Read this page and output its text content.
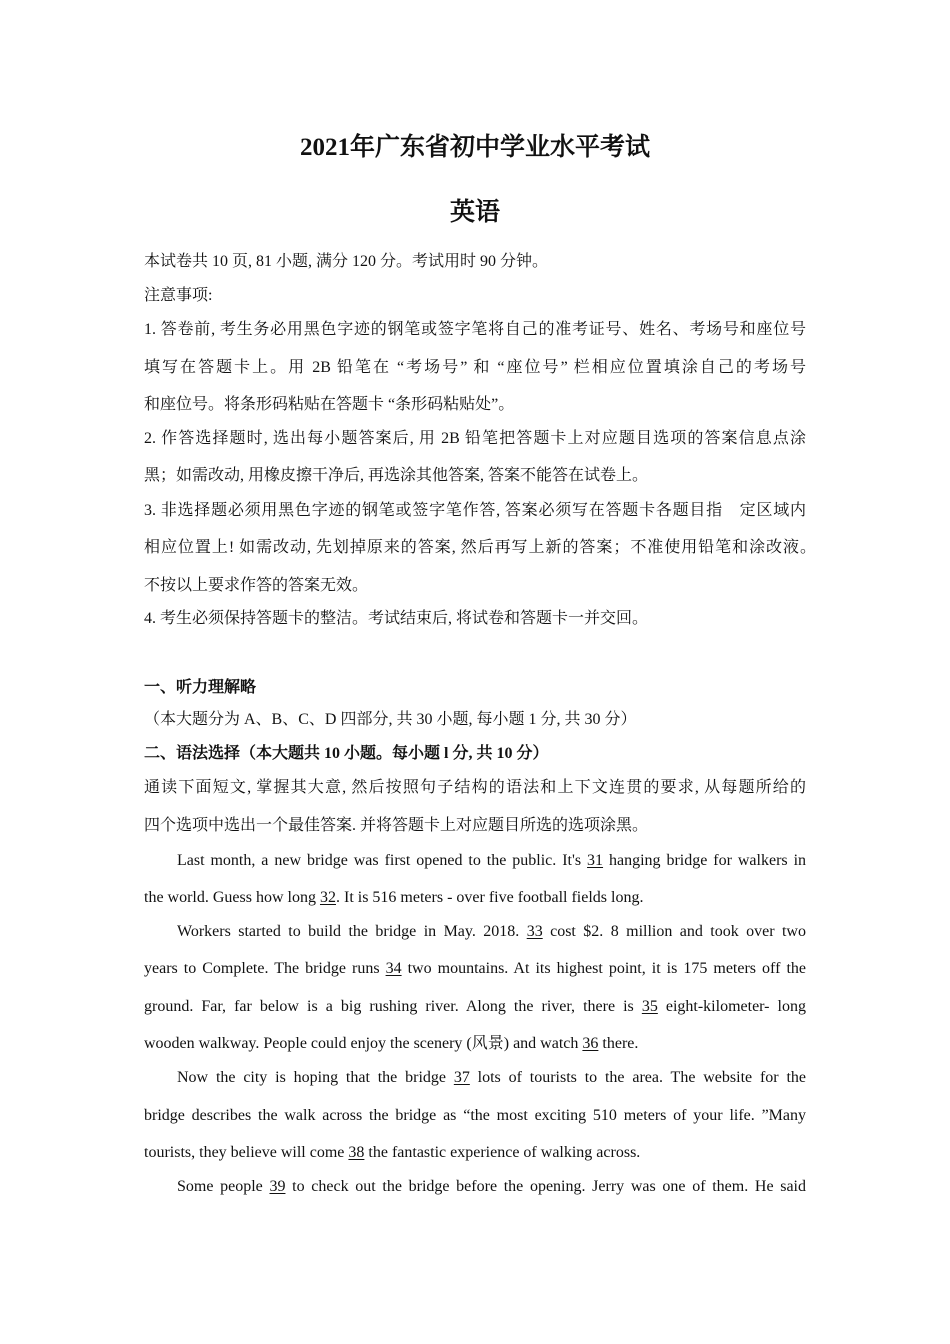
2021年广东省初中学业水平考试
英语

本试卷共 10 页, 81 小题, 满分 120 分。考试用时 90 分钟。

注意事项:

1. 答卷前, 考生务必用黑色字迹的钢笔或签字笔将自己的准考证号、姓名、考场号和座位号

填写在答题卡上。用 2B 铅笔在 “考场号” 和 “座位号” 栏相应位置填涂自己的考场号

和座位号。将条形码粘贴在答题卡 “条形码粘贴处”。

2. 作答选择题时, 选出每小题答案后, 用 2B 铅笔把答题卡上对应题目选项的答案信息点涂

黑；如需改动, 用橡皮擦干净后, 再选涂其他答案, 答案不能答在试卷上。

3. 非选择题必须用黑色字迹的钢笔或签字笔作答, 答案必须写在答题卡各题目指　定区域内

相应位置上! 如需改动, 先划掉原来的答案, 然后再写上新的答案；不准使用铅笔和涂改液。

不按以上要求作答的答案无效。

4. 考生必须保持答题卡的整洁。考试结束后, 将试卷和答题卡一并交回。

一、听力理解略

（本大题分为 A、B、C、D 四部分, 共 30 小题, 每小题 1 分, 共 30 分）

二、语法选择（本大题共 10 小题。每小题 l 分, 共 10 分）

通读下面短文, 掌握其大意, 然后按照句子结构的语法和上下文连贯的要求, 从每题所给的

四个选项中选出一个最佳答案. 并将答题卡上对应题目所选的选项涂黑。

Last month, a new bridge was first opened to the public. It's 31 hanging bridge for walkers in

the world. Guess how long 32. It is 516 meters - over five football fields long.

Workers started to build the bridge in May. 2018. 33 cost $2. 8 million and took over two

years to Complete. The bridge runs 34 two mountains. At its highest point, it is 175 meters off the

ground. Far, far below is a big rushing river. Along the river, there is 35 eight-kilometer- long

wooden walkway. People could enjoy the scenery (风景) and watch 36 there.

Now the city is hoping that the bridge 37 lots of tourists to the area. The website for the

bridge describes the walk across the bridge as “the most exciting 510 meters of your life. ”Many

tourists, they believe will come 38 the fantastic experience of walking across.

Some people 39 to check out the bridge before the opening. Jerry was one of them. He said
